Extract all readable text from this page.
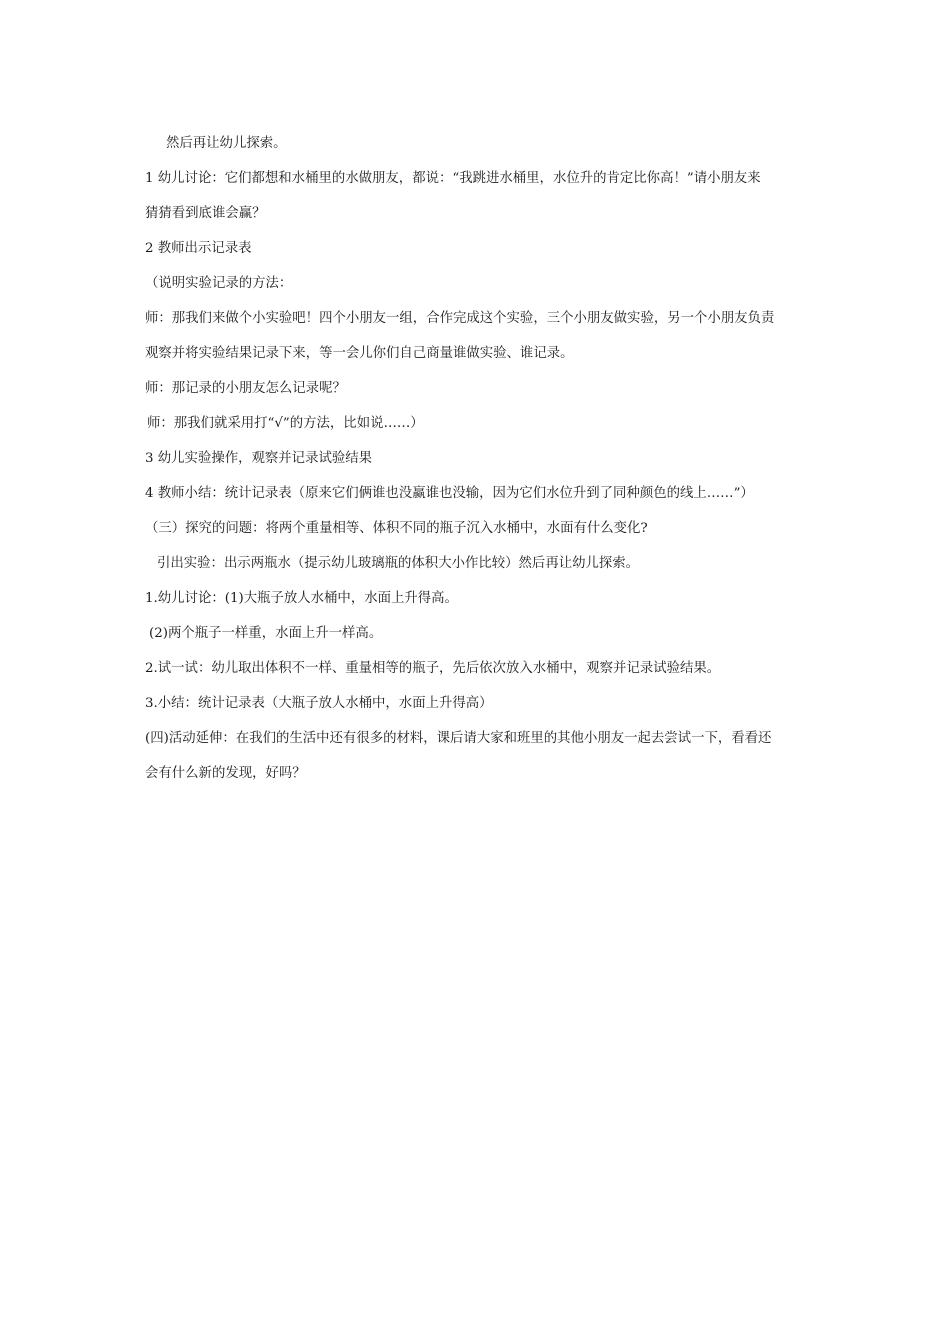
然后再让幼儿探索。

1 幼儿讨论：它们都想和水桶里的水做朋友，都说：“我跳进水桶里，水位升的肯定比你高！”请小朋友来

猜猜看到底谁会赢？

2 教师出示记录表

（说明实验记录的方法：

师：那我们来做个小实验吧！四个小朋友一组，合作完成这个实验，三个小朋友做实验，另一个小朋友负责

观察并将实验结果记录下来，等一会儿你们自己商量谁做实验、谁记录。

师：那记录的小朋友怎么记录呢？

师：那我们就采用打“√”的方法，比如说……）

3 幼儿实验操作，观察并记录试验结果

4 教师小结：统计记录表（原来它们俩谁也没赢谁也没输，因为它们水位升到了同种颜色的线上……”）

（三）探究的问题：将两个重量相等、体积不同的瓶子沉入水桶中，水面有什么变化?

引出实验：出示两瓶水（提示幼儿玻璃瓶的体积大小作比较）然后再让幼儿探索。

1.幼儿讨论：(1)大瓶子放人水桶中，水面上升得高。

(2)两个瓶子一样重，水面上升一样高。

2.试一试：幼儿取出体积不一样、重量相等的瓶子，先后依次放入水桶中，观察并记录试验结果。

3.小结：统计记录表（大瓶子放人水桶中，水面上升得高）

(四)活动延伸：在我们的生活中还有很多的材料，课后请大家和班里的其他小朋友一起去尝试一下，看看还

会有什么新的发现，好吗？
